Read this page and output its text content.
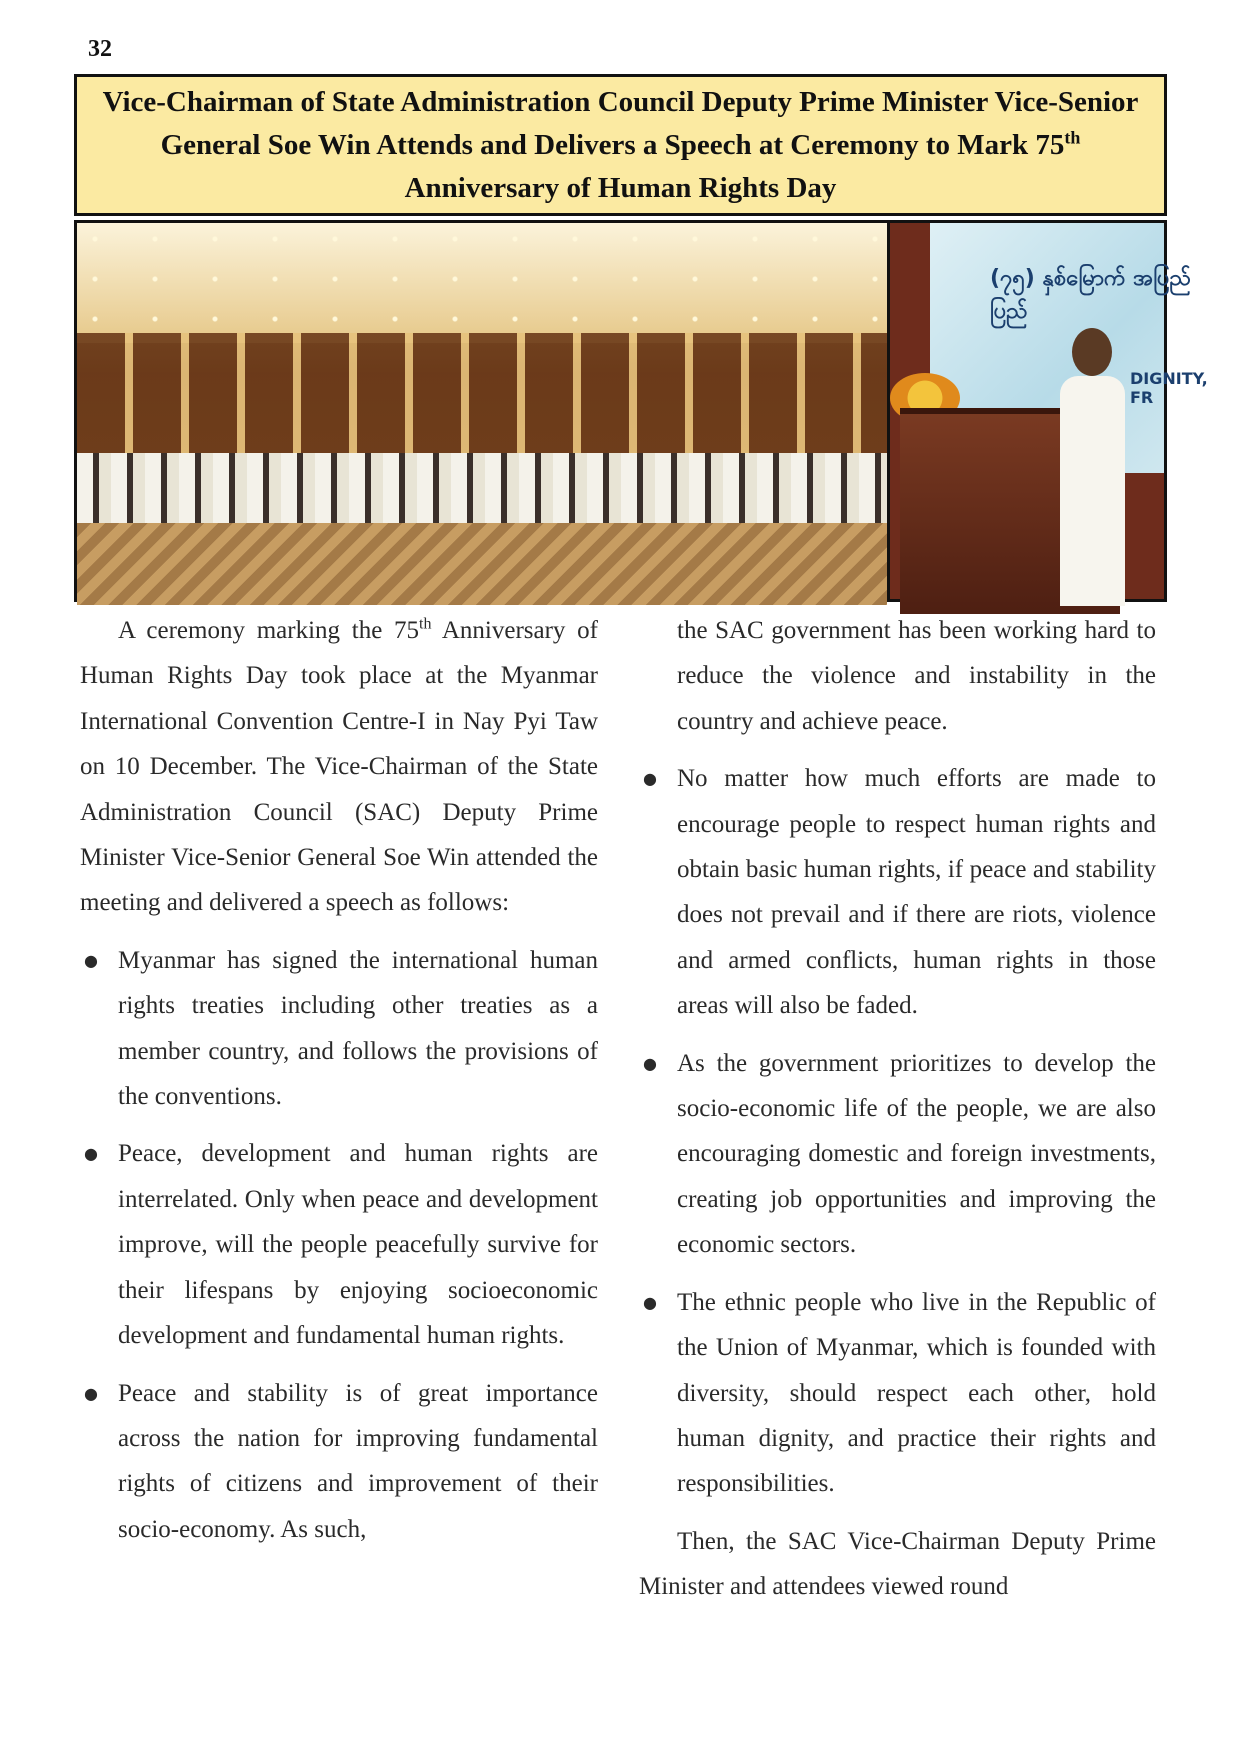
32
Vice-Chairman of State Administration Council Deputy Prime Minister Vice-Senior General Soe Win Attends and Delivers a Speech at Ceremony to Mark 75th Anniversary of Human Rights Day
(၇၅) နှစ်မြောက် အပြည်ပြည်
DIGNITY, FR

A ceremony marking the 75th Anniversary of Human Rights Day took place at the Myanmar International Convention Centre-I in Nay Pyi Taw on 10 December. The Vice-Chairman of the State Administration Council (SAC) Deputy Prime Minister Vice-Senior General Soe Win attended the meeting and delivered a speech as follows:

● Myanmar has signed the international human rights treaties including other treaties as a member country, and follows the provisions of the conventions.
● Peace, development and human rights are interrelated. Only when peace and development improve, will the people peacefully survive for their lifespans by enjoying socioeconomic development and fundamental human rights.
● Peace and stability is of great importance across the nation for improving fundamental rights of citizens and improvement of their socio-economy. As such,

the SAC government has been working hard to reduce the violence and instability in the country and achieve peace.

● No matter how much efforts are made to encourage people to respect human rights and obtain basic human rights, if peace and stability does not prevail and if there are riots, violence and armed conflicts, human rights in those areas will also be faded.
● As the government prioritizes to develop the socio-economic life of the people, we are also encouraging domestic and foreign investments, creating job opportunities and improving the economic sectors.
● The ethnic people who live in the Republic of the Union of Myanmar, which is founded with diversity, should respect each other, hold human dignity, and practice their rights and responsibilities.

Then, the SAC Vice-Chairman Deputy Prime Minister and attendees viewed round
